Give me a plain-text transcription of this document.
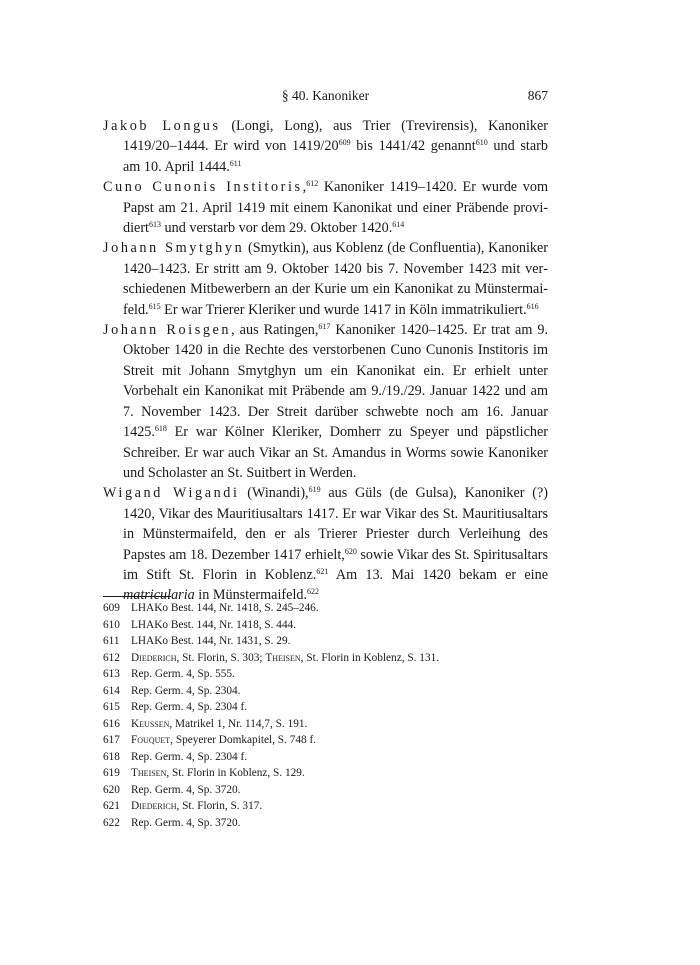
§ 40. Kanoniker	867

Jakob Longus (Longi, Long), aus Trier (Trevirensis), Kanoniker 1419/20–1444. Er wird von $1419/20^{609}$ bis 1441/42 genannt$^{610}$ und starb am 10. April 1444.$^{611}$

Cuno Cunonis Institoris,$^{612}$ Kanoniker 1419–1420. Er wurde vom Papst am 21. April 1419 mit einem Kanonikat und einer Präbende providiert$^{613}$ und verstarb vor dem 29. Oktober 1420.$^{614}$

Johann Smytghyn (Smytkin), aus Koblenz (de Confluentia), Kanoniker 1420–1423. Er stritt am 9. Oktober 1420 bis 7. November 1423 mit verschiedenen Mitbewerbern an der Kurie um ein Kanonikat zu Münstermaifeld.$^{615}$ Er war Trierer Kleriker und wurde 1417 in Köln immatrikuliert.$^{616}$

Johann Roisgen, aus Ratingen,$^{617}$ Kanoniker 1420–1425. Er trat am 9. Oktober 1420 in die Rechte des verstorbenen Cuno Cunonis Institoris im Streit mit Johann Smytghyn um ein Kanonikat ein. Er erhielt unter Vorbehalt ein Kanonikat mit Präbende am 9./19./29. Januar 1422 und am 7. November 1423. Der Streit darüber schwebte noch am 16. Januar 1425.$^{618}$ Er war Kölner Kleriker, Domherr zu Speyer und päpstlicher Schreiber. Er war auch Vikar an St. Amandus in Worms sowie Kanoniker und Scholaster an St. Suitbert in Werden.

Wigand Wigandi (Winandi),$^{619}$ aus Güls (de Gulsa), Kanoniker (?) 1420, Vikar des Mauritiusaltars 1417. Er war Vikar des St. Mauritiusaltars in Münstermaifeld, den er als Trierer Priester durch Verleihung des Papstes am 18. Dezember 1417 erhielt,$^{620}$ sowie Vikar des St. Spiritusaltars im Stift St. Florin in Koblenz.$^{621}$ Am 13. Mai 1420 bekam er eine matricularia in Münstermaifeld.$^{622}$

609 LHAKo Best. 144, Nr. 1418, S. 245–246.
610 LHAKo Best. 144, Nr. 1418, S. 444.
611	LHAKo Best. 144, Nr. 1431, S. 29.
612 Diederich, St. Florin, S. 303; Theisen, St. Florin in Koblenz, S. 131.
613 Rep. Germ. 4, Sp. 555.
614 Rep. Germ. 4, Sp. 2304.
615 Rep. Germ. 4, Sp. 2304 f.
616 Keussen, Matrikel 1, Nr. 114,7, S. 191.
617 Fouquet, Speyerer Domkapitel, S. 748 f.
618 Rep. Germ. 4, Sp. 2304 f.
619 Theisen, St. Florin in Koblenz, S. 129.
620 Rep. Germ. 4, Sp. 3720.
621 Diederich, St. Florin, S. 317.
622 Rep. Germ. 4, Sp. 3720.
